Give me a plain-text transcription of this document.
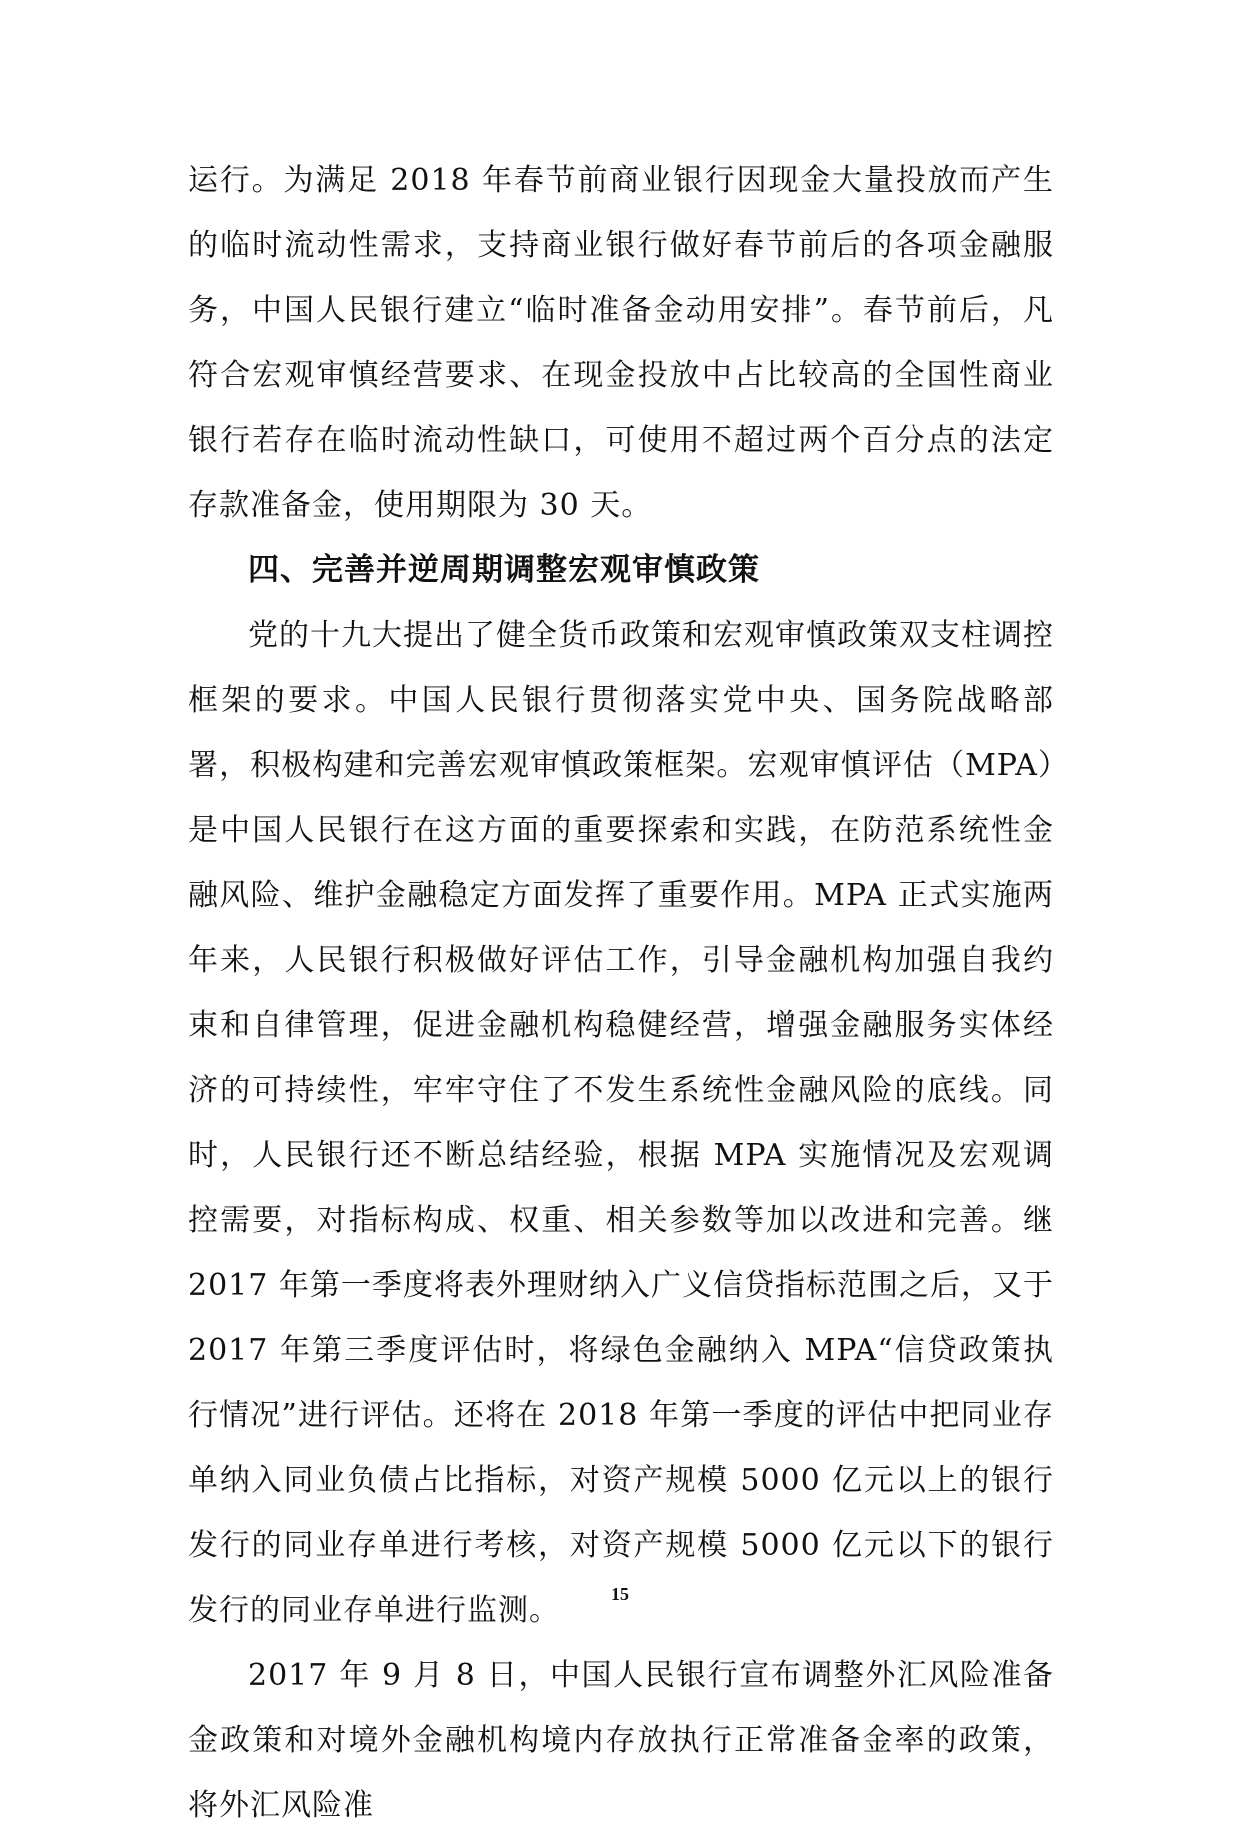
运行。为满足 2018 年春节前商业银行因现金大量投放而产生的临时流动性需求，支持商业银行做好春节前后的各项金融服务，中国人民银行建立“临时准备金动用安排”。春节前后，凡符合宏观审慎经营要求、在现金投放中占比较高的全国性商业银行若存在临时流动性缺口，可使用不超过两个百分点的法定存款准备金，使用期限为 30 天。

四、完善并逆周期调整宏观审慎政策

党的十九大提出了健全货币政策和宏观审慎政策双支柱调控框架的要求。中国人民银行贯彻落实党中央、国务院战略部署，积极构建和完善宏观审慎政策框架。宏观审慎评估（MPA）是中国人民银行在这方面的重要探索和实践，在防范系统性金融风险、维护金融稳定方面发挥了重要作用。MPA 正式实施两年来，人民银行积极做好评估工作，引导金融机构加强自我约束和自律管理，促进金融机构稳健经营，增强金融服务实体经济的可持续性，牢牢守住了不发生系统性金融风险的底线。同时，人民银行还不断总结经验，根据 MPA 实施情况及宏观调控需要，对指标构成、权重、相关参数等加以改进和完善。继 2017 年第一季度将表外理财纳入广义信贷指标范围之后，又于 2017 年第三季度评估时，将绿色金融纳入 MPA“信贷政策执行情况”进行评估。还将在 2018 年第一季度的评估中把同业存单纳入同业负债占比指标，对资产规模 5000 亿元以上的银行发行的同业存单进行考核，对资产规模 5000 亿元以下的银行发行的同业存单进行监测。

2017 年 9 月 8 日，中国人民银行宣布调整外汇风险准备金政策和对境外金融机构境内存放执行正常准备金率的政策，将外汇风险准

15
